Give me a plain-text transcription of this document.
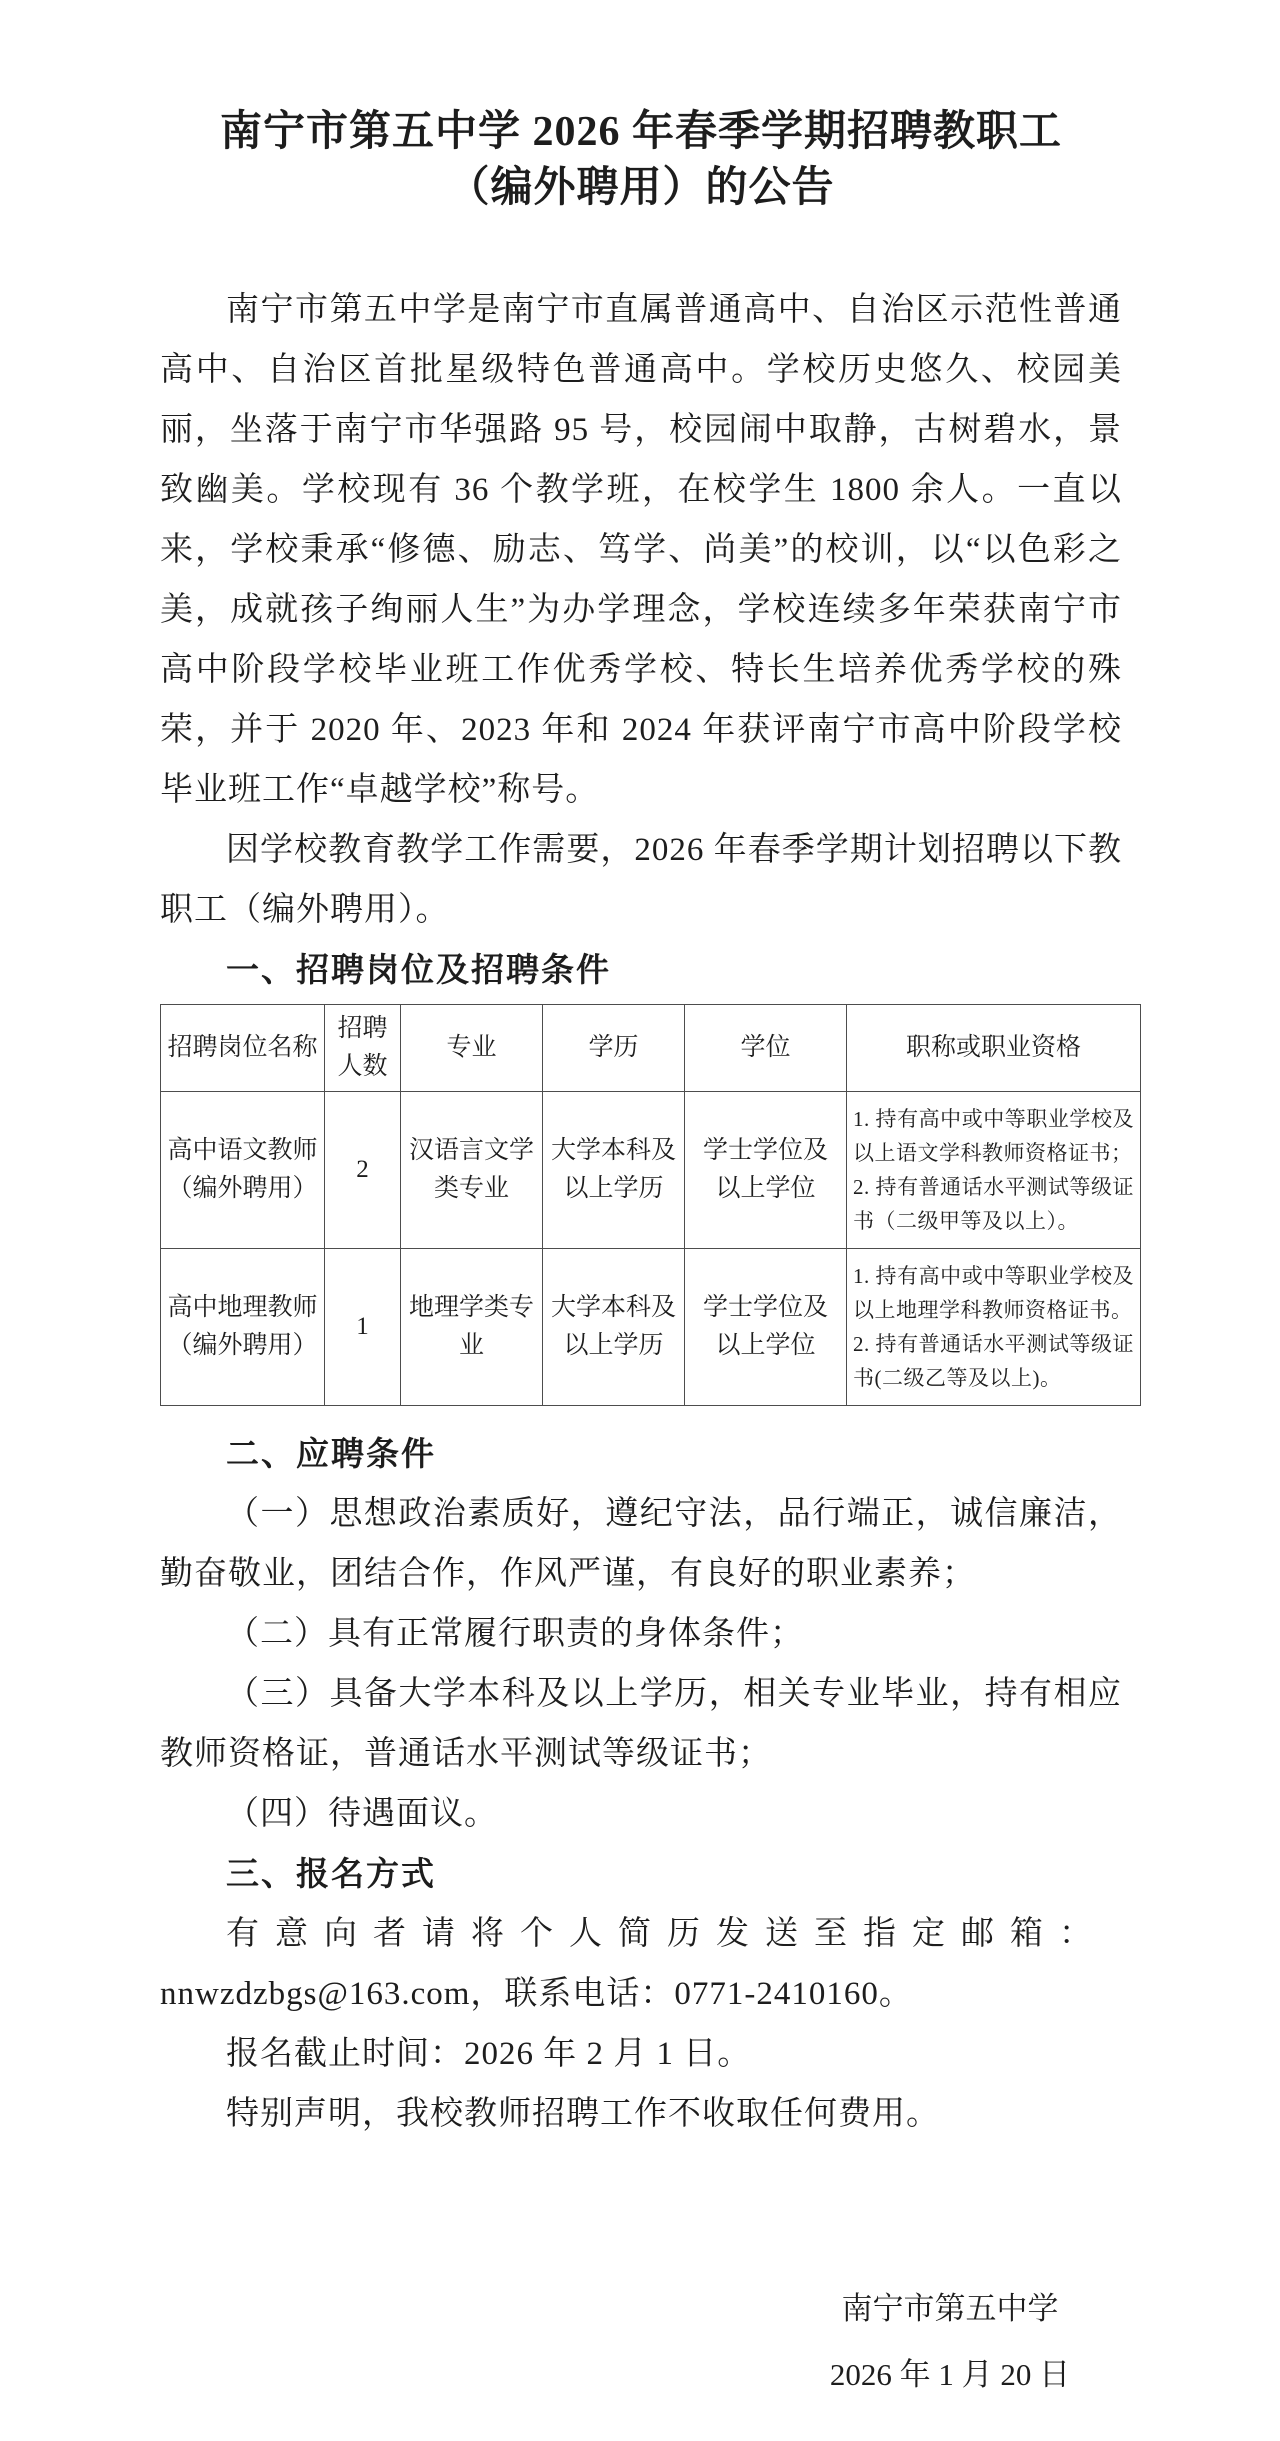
南宁市第五中学 2026 年春季学期招聘教职工
（编外聘用）的公告

南宁市第五中学是南宁市直属普通高中、自治区示范性普通高中、自治区首批星级特色普通高中。学校历史悠久、校园美丽，坐落于南宁市华强路 95 号，校园闹中取静，古树碧水，景致幽美。学校现有 36 个教学班，在校学生 1800 余人。一直以来，学校秉承“修德、励志、笃学、尚美”的校训，以“以色彩之美，成就孩子绚丽人生”为办学理念，学校连续多年荣获南宁市高中阶段学校毕业班工作优秀学校、特长生培养优秀学校的殊荣，并于 2020 年、2023 年和 2024 年获评南宁市高中阶段学校毕业班工作“卓越学校”称号。

因学校教育教学工作需要，2026 年春季学期计划招聘以下教职工（编外聘用）。

一、招聘岗位及招聘条件
招聘岗位名称	招聘人数	专业	学历	学位	职称或职业资格
高中语文教师（编外聘用）	2	汉语言文学类专业	大学本科及以上学历	学士学位及以上学位	1. 持有高中或中等职业学校及以上语文学科教师资格证书；
2. 持有普通话水平测试等级证书（二级甲等及以上）。

高中地理教师（编外聘用）	1	地理学类专业	大学本科及以上学历	学士学位及以上学位	1. 持有高中或中等职业学校及以上地理学科教师资格证书。
2. 持有普通话水平测试等级证书(二级乙等及以上)。
二、应聘条件

（一）思想政治素质好，遵纪守法，品行端正，诚信廉洁，勤奋敬业，团结合作，作风严谨，有良好的职业素养；

（二）具有正常履行职责的身体条件；

（三）具备大学本科及以上学历，相关专业毕业，持有相应教师资格证，普通话水平测试等级证书；

（四）待遇面议。

三、报名方式
有意向者请将个人简历发送至指定邮箱：
nnwzdzbgs@163.com，联系电话：0771-2410160。

报名截止时间：2026 年 2 月 1 日。

特别声明，我校教师招聘工作不收取任何费用。

南宁市第五中学
2026 年 1 月 20 日
